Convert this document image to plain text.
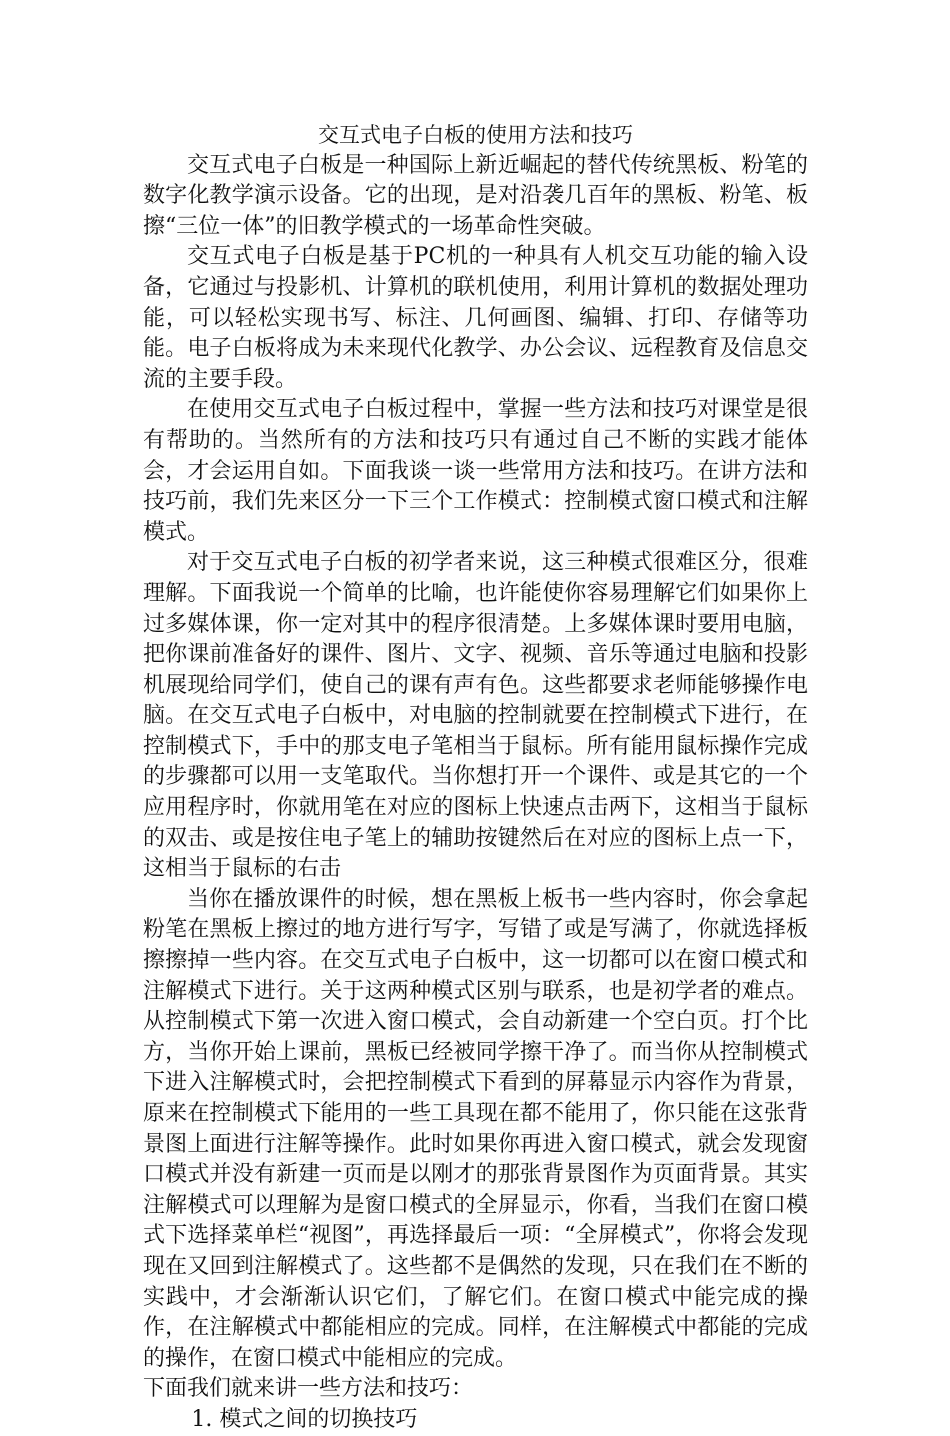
交互式电子白板的使用方法和技巧

交互式电子白板是一种国际上新近崛起的替代传统黑板、粉笔的数字化教学演示设备。它的出现，是对沿袭几百年的黑板、粉笔、板擦“三位一体”的旧教学模式的一场革命性突破。

交互式电子白板是基于PC机的一种具有人机交互功能的输入设备，它通过与投影机、计算机的联机使用，利用计算机的数据处理功能，可以轻松实现书写、标注、几何画图、编辑、打印、存储等功能。电子白板将成为未来现代化教学、办公会议、远程教育及信息交流的主要手段。

在使用交互式电子白板过程中，掌握一些方法和技巧对课堂是很有帮助的。当然所有的方法和技巧只有通过自己不断的实践才能体会，才会运用自如。下面我谈一谈一些常用方法和技巧。在讲方法和技巧前，我们先来区分一下三个工作模式：控制模式窗口模式和注解模式。

对于交互式电子白板的初学者来说，这三种模式很难区分，很难理解。下面我说一个简单的比喻，也许能使你容易理解它们如果你上过多媒体课，你一定对其中的程序很清楚。上多媒体课时要用电脑，把你课前准备好的课件、图片、文字、视频、音乐等通过电脑和投影机展现给同学们，使自己的课有声有色。这些都要求老师能够操作电脑。在交互式电子白板中，对电脑的控制就要在控制模式下进行，在控制模式下，手中的那支电子笔相当于鼠标。所有能用鼠标操作完成的步骤都可以用一支笔取代。当你想打开一个课件、或是其它的一个应用程序时，你就用笔在对应的图标上快速点击两下，这相当于鼠标的双击、或是按住电子笔上的辅助按键然后在对应的图标上点一下，这相当于鼠标的右击

当你在播放课件的时候，想在黑板上板书一些内容时，你会拿起粉笔在黑板上擦过的地方进行写字，写错了或是写满了，你就选择板擦擦掉一些内容。在交互式电子白板中，这一切都可以在窗口模式和注解模式下进行。关于这两种模式区别与联系，也是初学者的难点。从控制模式下第一次进入窗口模式，会自动新建一个空白页。打个比方，当你开始上课前，黑板已经被同学擦干净了。而当你从控制模式下进入注解模式时，会把控制模式下看到的屏幕显示内容作为背景，原来在控制模式下能用的一些工具现在都不能用了，你只能在这张背景图上面进行注解等操作。此时如果你再进入窗口模式，就会发现窗口模式并没有新建一页而是以刚才的那张背景图作为页面背景。其实注解模式可以理解为是窗口模式的全屏显示，你看，当我们在窗口模式下选择菜单栏“视图”，再选择最后一项：“全屏模式”，你将会发现现在又回到注解模式了。这些都不是偶然的发现，只在我们在不断的实践中，才会渐渐认识它们，了解它们。在窗口模式中能完成的操作，在注解模式中都能相应的完成。同样，在注解模式中都能的完成的操作，在窗口模式中能相应的完成。

下面我们就来讲一些方法和技巧：

1. 模式之间的切换技巧
